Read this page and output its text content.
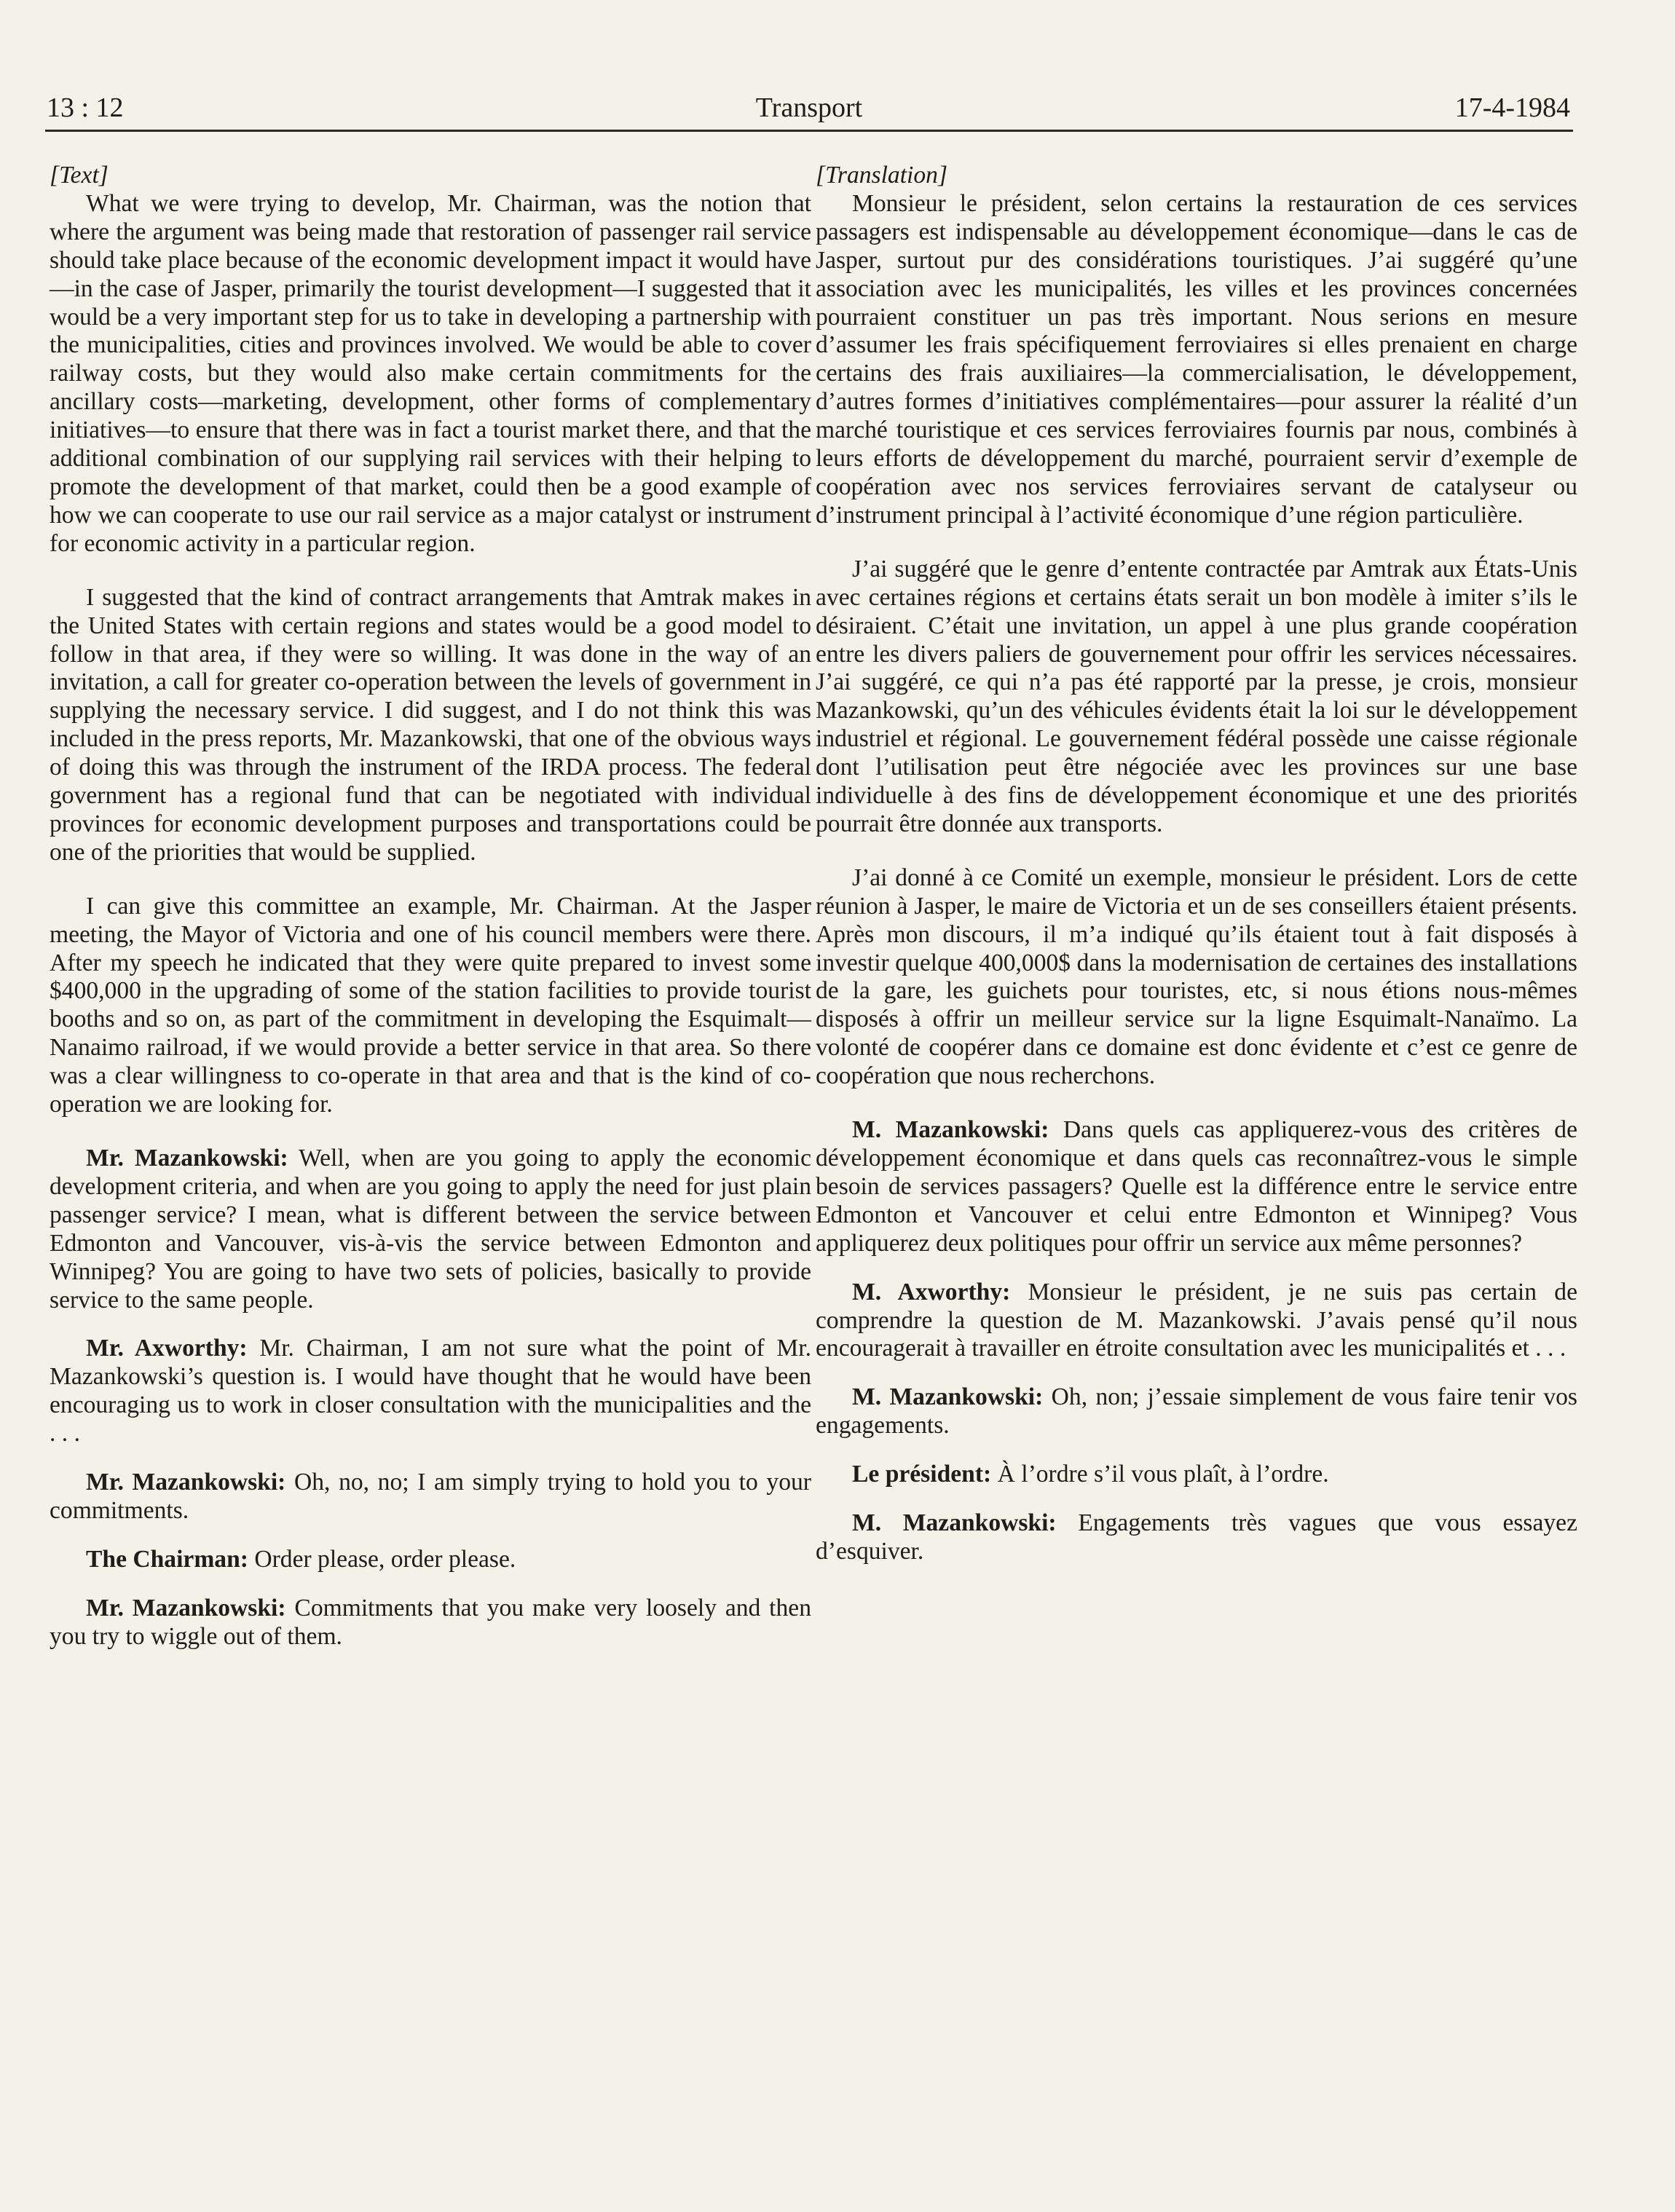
13 : 12	Transport	17-4-1984

[Text]

What we were trying to develop, Mr. Chairman, was the notion that where the argument was being made that restoration of passenger rail service should take place because of the economic development impact it would have—in the case of Jasper, primarily the tourist development—I suggested that it would be a very important step for us to take in developing a partnership with the municipalities, cities and provinces involved. We would be able to cover railway costs, but they would also make certain commitments for the ancillary costs—marketing, development, other forms of complementary initiatives—to ensure that there was in fact a tourist market there, and that the additional combination of our supplying rail services with their helping to promote the development of that market, could then be a good example of how we can cooperate to use our rail service as a major catalyst or instrument for economic activity in a particular region.

I suggested that the kind of contract arrangements that Amtrak makes in the United States with certain regions and states would be a good model to follow in that area, if they were so willing. It was done in the way of an invitation, a call for greater co-operation between the levels of government in supplying the necessary service. I did suggest, and I do not think this was included in the press reports, Mr. Mazankowski, that one of the obvious ways of doing this was through the instrument of the IRDA process. The federal government has a regional fund that can be negotiated with individual provinces for economic development purposes and transportations could be one of the priorities that would be supplied.

I can give this committee an example, Mr. Chairman. At the Jasper meeting, the Mayor of Victoria and one of his council members were there. After my speech he indicated that they were quite prepared to invest some $400,000 in the upgrading of some of the station facilities to provide tourist booths and so on, as part of the commitment in developing the Esquimalt—Nanaimo railroad, if we would provide a better service in that area. So there was a clear willingness to co-operate in that area and that is the kind of co-operation we are looking for.

Mr. Mazankowski: Well, when are you going to apply the economic development criteria, and when are you going to apply the need for just plain passenger service? I mean, what is different between the service between Edmonton and Vancouver, vis-à-vis the service between Edmonton and Winnipeg? You are going to have two sets of policies, basically to provide service to the same people.

Mr. Axworthy: Mr. Chairman, I am not sure what the point of Mr. Mazankowski’s question is. I would have thought that he would have been encouraging us to work in closer consultation with the municipalities and the . . .

Mr. Mazankowski: Oh, no, no; I am simply trying to hold you to your commitments.

The Chairman: Order please, order please.

Mr. Mazankowski: Commitments that you make very loosely and then you try to wiggle out of them.

[Translation]

Monsieur le président, selon certains la restauration de ces services passagers est indispensable au développement économique—dans le cas de Jasper, surtout pur des considérations touristiques. J’ai suggéré qu’une association avec les municipalités, les villes et les provinces concernées pourraient constituer un pas très important. Nous serions en mesure d’assumer les frais spécifiquement ferroviaires si elles prenaient en charge certains des frais auxiliaires—la commercialisation, le développement, d’autres formes d’initiatives complémentaires—pour assurer la réalité d’un marché touristique et ces services ferroviaires fournis par nous, combinés à leurs efforts de développement du marché, pourraient servir d’exemple de coopération avec nos services ferroviaires servant de catalyseur ou d’instrument principal à l’activité économique d’une région particulière.

J’ai suggéré que le genre d’entente contractée par Amtrak aux États-Unis avec certaines régions et certains états serait un bon modèle à imiter s’ils le désiraient. C’était une invitation, un appel à une plus grande coopération entre les divers paliers de gouvernement pour offrir les services nécessaires. J’ai suggéré, ce qui n’a pas été rapporté par la presse, je crois, monsieur Mazankowski, qu’un des véhicules évidents était la loi sur le développement industriel et régional. Le gouvernement fédéral possède une caisse régionale dont l’utilisation peut être négociée avec les provinces sur une base individuelle à des fins de développement économique et une des priorités pourrait être donnée aux transports.

J’ai donné à ce Comité un exemple, monsieur le président. Lors de cette réunion à Jasper, le maire de Victoria et un de ses conseillers étaient présents. Après mon discours, il m’a indiqué qu’ils étaient tout à fait disposés à investir quelque 400,000$ dans la modernisation de certaines des installations de la gare, les guichets pour touristes, etc, si nous étions nous-mêmes disposés à offrir un meilleur service sur la ligne Esquimalt-Nanaïmo. La volonté de coopérer dans ce domaine est donc évidente et c’est ce genre de coopération que nous recherchons.

M. Mazankowski: Dans quels cas appliquerez-vous des critères de développement économique et dans quels cas reconnaîtrez-vous le simple besoin de services passagers? Quelle est la différence entre le service entre Edmonton et Vancouver et celui entre Edmonton et Winnipeg? Vous appliquerez deux politiques pour offrir un service aux même personnes?

M. Axworthy: Monsieur le président, je ne suis pas certain de comprendre la question de M. Mazankowski. J’avais pensé qu’il nous encouragerait à travailler en étroite consultation avec les municipalités et . . .

M. Mazankowski: Oh, non; j’essaie simplement de vous faire tenir vos engagements.

Le président: À l’ordre s’il vous plaît, à l’ordre.

M. Mazankowski: Engagements très vagues que vous essayez d’esquiver.
